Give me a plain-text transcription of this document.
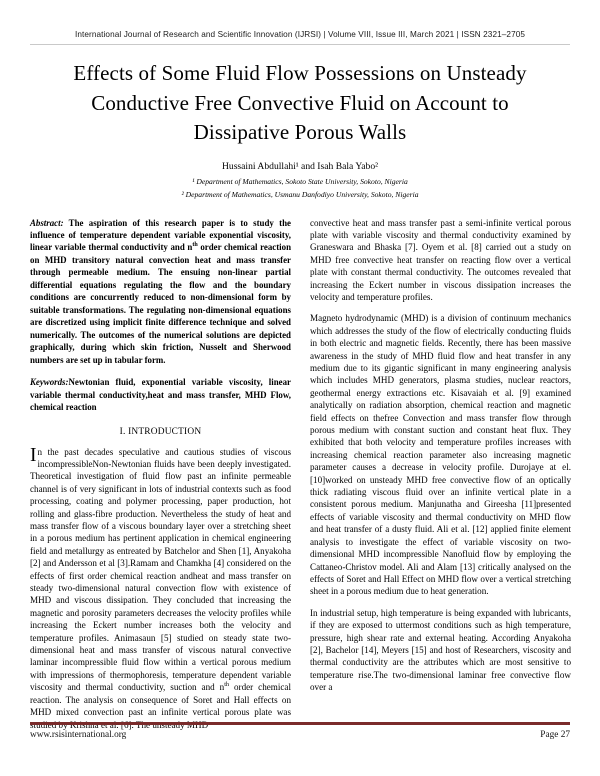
International Journal of Research and Scientific Innovation (IJRSI) | Volume VIII, Issue III, March 2021 | ISSN 2321–2705
Effects of Some Fluid Flow Possessions on Unsteady Conductive Free Convective Fluid on Account to Dissipative Porous Walls
Hussaini Abdullahi¹ and Isah Bala Yabo²
¹ Department of Mathematics, Sokoto State University, Sokoto, Nigeria
² Department of Mathematics, Usmanu Danfodiyo University, Sokoto, Nigeria

Abstract: The aspiration of this research paper is to study the influence of temperature dependent variable exponential viscosity, linear variable thermal conductivity and $n^{th}$ order chemical reaction on MHD transitory natural convection heat and mass transfer through permeable medium. The ensuing non-linear partial differential equations regulating the flow and the boundary conditions are concurrently reduced to non-dimensional form by suitable transformations. The regulating non-dimensional equations are discretized using implicit finite difference technique and solved numerically. The outcomes of the numerical solutions are depicted graphically, during which skin friction, Nusselt and Sherwood numbers are set up in tabular form.

Keywords:Newtonian fluid, exponential variable viscosity, linear variable thermal conductivity,heat and mass transfer, MHD Flow, chemical reaction

I. INTRODUCTION

In the past decades speculative and cautious studies of viscous incompressibleNon-Newtonian fluids have been deeply investigated. Theoretical investigation of fluid flow past an infinite permeable channel is of very significant in lots of industrial contexts such as food processing, coating and polymer processing, paper production, hot rolling and glass-fibre production. Nevertheless the study of heat and mass transfer flow of a viscous boundary layer over a stretching sheet in a porous medium has pertinent application in chemical engineering field and metallurgy as entreated by Batchelor and Shen [1], Anyakoha [2] and Andersson et al [3].Ramam and Chamkha [4] considered on the effects of first order chemical reaction andheat and mass transfer on steady two-dimensional natural convection flow with existence of MHD and viscous dissipation. They concluded that increasing the magnetic and porosity parameters decreases the velocity profiles while increasing the Eckert number increases both the velocity and temperature profiles. Animasaun [5] studied on steady state two-dimensional heat and mass transfer of viscous natural convective laminar incompressible fluid flow within a vertical porous medium with impressions of thermophoresis, temperature dependent variable viscosity and thermal conductivity, suction and $n^{th}$ order chemical reaction. The analysis on consequence of Soret and Hall effects on MHD mixed convection past an infinite vertical porous plate was studied by Krishna et al. [6]. The unsteady MHD

convective heat and mass transfer past a semi-infinite vertical porous plate with variable viscosity and thermal conductivity examined by Graneswara and Bhaska [7]. Oyem et al. [8] carried out a study on MHD free convective heat transfer on reacting flow over a vertical plate with constant thermal conductivity. The outcomes revealed that increasing the Eckert number in viscous dissipation increases the velocity and temperature profiles.

Magneto hydrodynamic (MHD) is a division of continuum mechanics which addresses the study of the flow of electrically conducting fluids in both electric and magnetic fields. Recently, there has been massive awareness in the study of MHD fluid flow and heat transfer in any medium due to its gigantic significant in many engineering analysis which includes MHD generators, plasma studies, nuclear reactors, geothermal energy extractions etc. Kisavaiah et al. [9] examined analytically on radiation absorption, chemical reaction and magnetic field effects on thefree Convection and mass transfer flow through porous medium with constant suction and constant heat flux. They exhibited that both velocity and temperature profiles increases with increasing chemical reaction parameter also increasing magnetic parameter causes a decrease in velocity profile. Durojaye at el. [10]worked on unsteady MHD free convective flow of an optically thick radiating viscous fluid over an infinite vertical plate in a consistent porous medium. Manjunatha and Gireesha [11]presented effects of variable viscosity and thermal conductivity on MHD flow and heat transfer of a dusty fluid. Ali et al. [12] applied finite element analysis to investigate the effect of variable viscosity on two-dimensional MHD incompressible Nanofluid flow by employing the Cattaneo-Christov model. Ali and Alam [13] critically analysed on the effects of Soret and Hall Effect on MHD flow over a vertical stretching sheet in a porous medium due to heat generation.

In industrial setup, high temperature is being expanded with lubricants, if they are exposed to uttermost conditions such as high temperature, pressure, high shear rate and external heating. According Anyakoha [2], Bachelor [14], Meyers [15] and host of Researchers, viscosity and thermal conductivity are the attributes which are most sensitive to temperature rise.The two-dimensional laminar free convective flow over a

www.rsisinternational.org	Page 27
